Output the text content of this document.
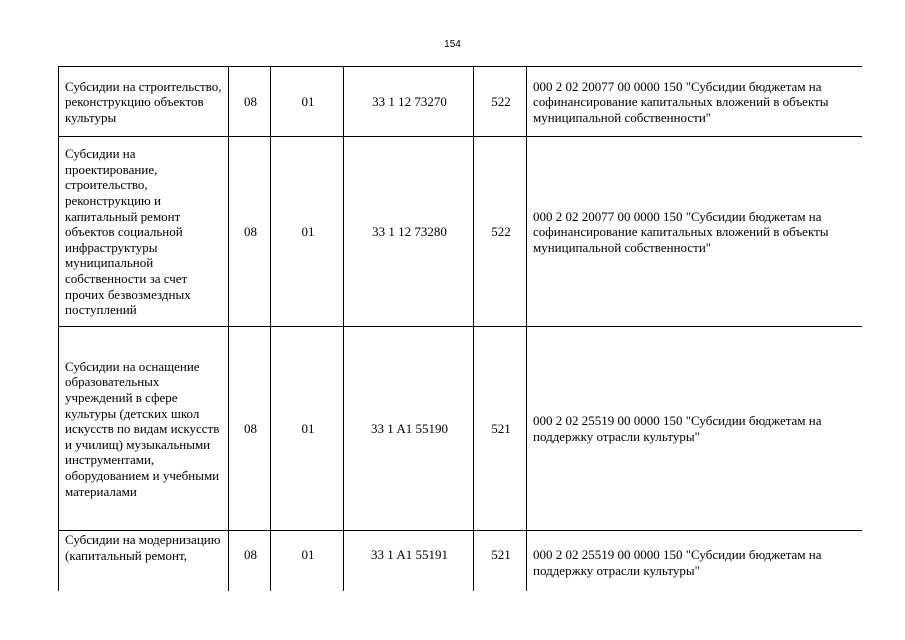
154
Субсидии на строительство, реконструкцию объектов культуры	08	01	33 1 12 73270	522	000 2 02 20077 00 0000 150 "Субсидии бюджетам на софинансирование капитальных вложений в объекты муниципальной собственности"
Субсидии на проектирование, строительство, реконструкцию и капитальный ремонт объектов социальной инфраструктуры муниципальной собственности за счет прочих безвозмездных поступлений	08	01	33 1 12 73280	522	000 2 02 20077 00 0000 150 "Субсидии бюджетам на софинансирование капитальных вложений в объекты муниципальной собственности"
Субсидии на оснащение образовательных учреждений в сфере культуры (детских школ искусств по видам искусств и училищ) музыкальными инструментами, оборудованием и учебными материалами	08	01	33 1 A1 55190	521	000 2 02 25519 00 0000 150 "Субсидии бюджетам на поддержку отрасли культуры"
Субсидии на модернизацию (капитальный ремонт,	08	01	33 1 A1 55191	521	000 2 02 25519 00 0000 150 "Субсидии бюджетам на поддержку отрасли культуры"
